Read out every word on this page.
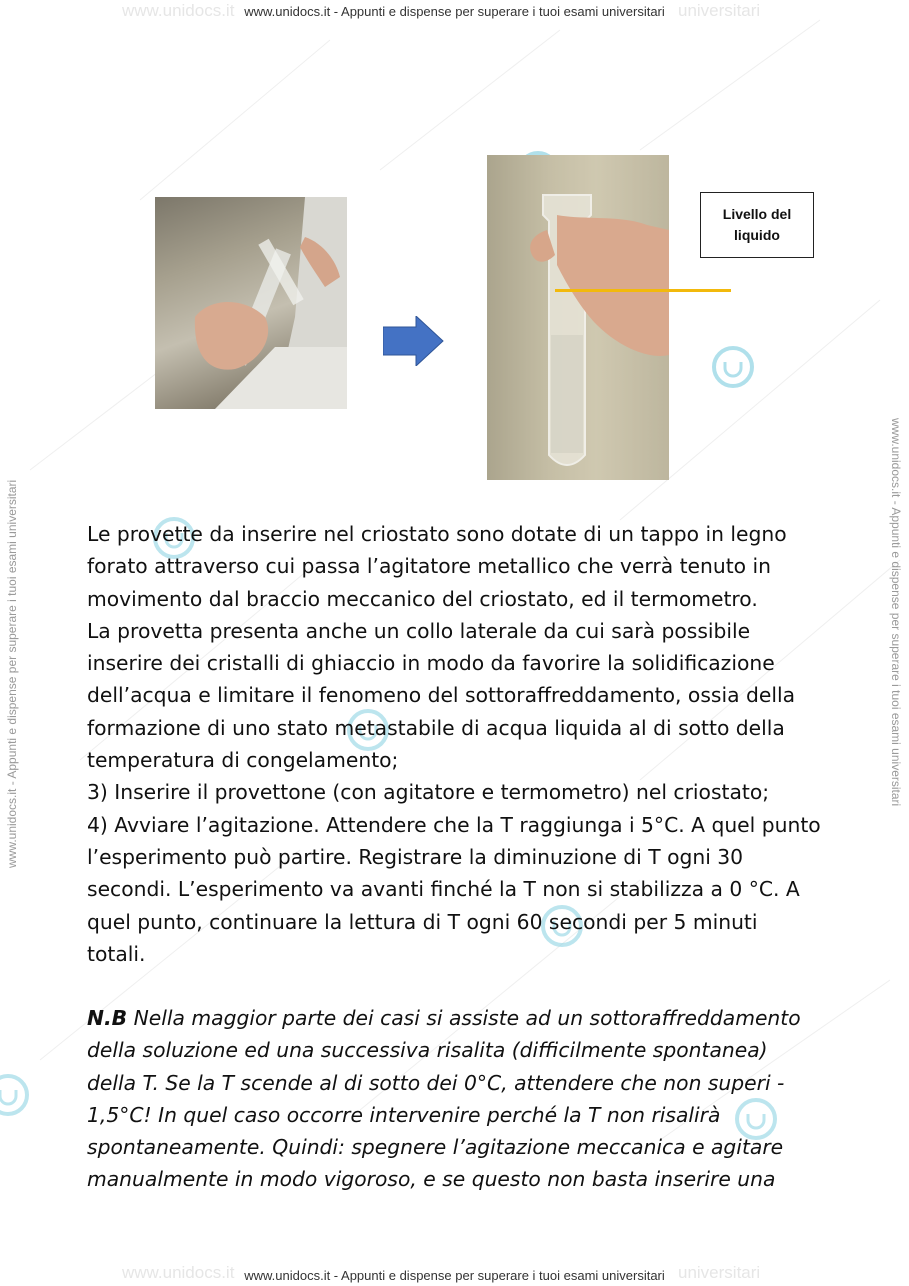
www.unidocs.it	universitari
www.unidocs.it	universitari
www.unidocs.it - Appunti e dispense per superare i tuoi esami universitari
www.unidocs.it - Appunti e dispense per superare i tuoi esami universitari
www.unidocs.it - Appunti e dispense per superare i tuoi esami universitari	www.unidocs.it - Appunti e dispense per superare i tuoi esami universitari
Livello del
liquido

Le provette da inserire nel criostato sono dotate di un tappo in legno
forato attraverso cui passa l’agitatore metallico che verrà tenuto in
movimento dal braccio meccanico del criostato, ed il termometro.
La provetta presenta anche un collo laterale da cui sarà possibile
inserire dei cristalli di ghiaccio in modo da favorire la solidificazione
dell’acqua e limitare il fenomeno del sottoraffreddamento, ossia della
formazione di uno stato metastabile di acqua liquida al di sotto della
temperatura di congelamento;
3) Inserire il provettone (con agitatore e termometro) nel criostato;
4) Avviare l’agitazione. Attendere che la T raggiunga i 5°C. A quel punto
l’esperimento può partire. Registrare la diminuzione di T ogni 30
secondi. L’esperimento va avanti finché la T non si stabilizza a 0 °C. A
quel punto, continuare la lettura di T ogni 60 secondi per 5 minuti
totali.

N.B Nella maggior parte dei casi si assiste ad un sottoraffreddamento
della soluzione ed una successiva risalita (difficilmente spontanea)
della T. Se la T scende al di sotto dei 0°C, attendere che non superi -
1,5°C! In quel caso occorre intervenire perché la T non risalirà
spontaneamente. Quindi: spegnere l’agitazione meccanica e agitare
manualmente in modo vigoroso, e se questo non basta inserire una
